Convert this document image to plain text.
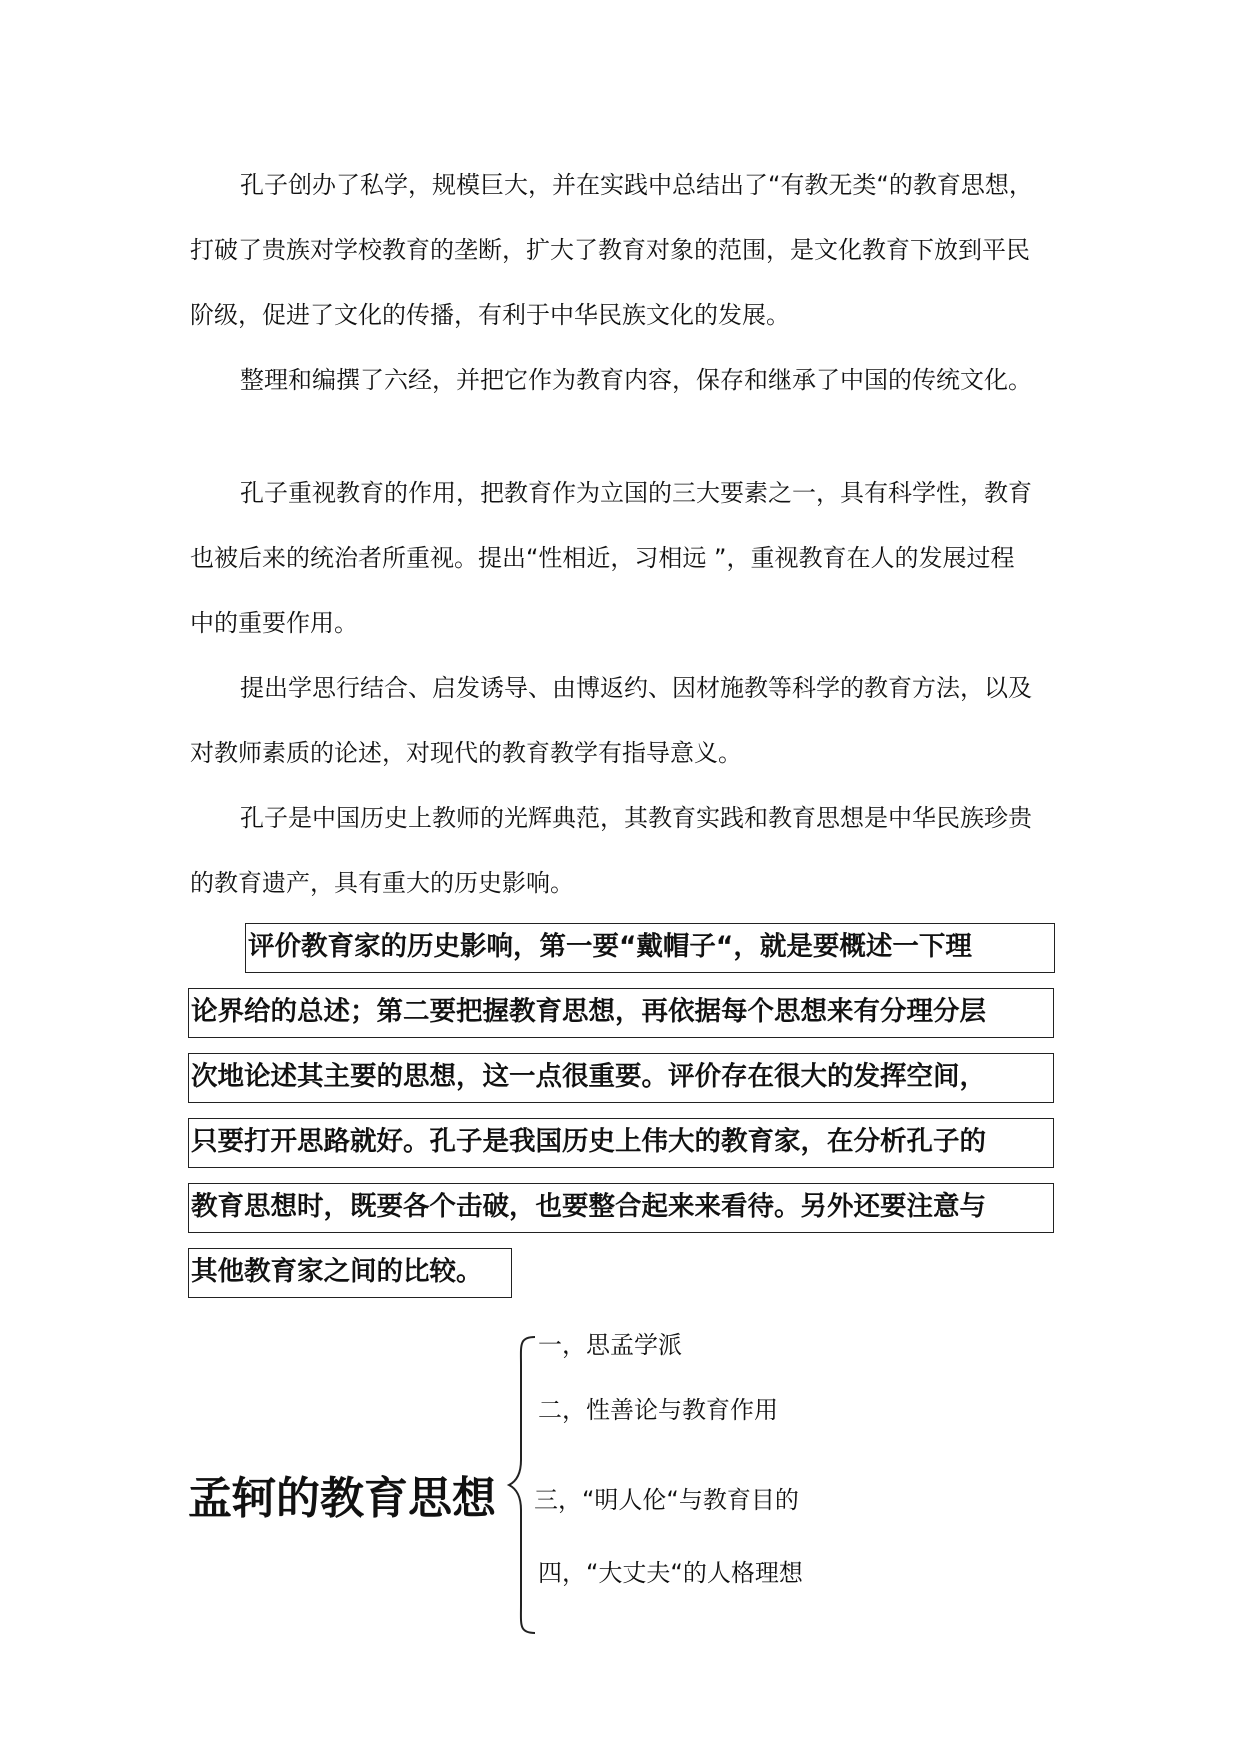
孔子创办了私学，规模巨大，并在实践中总结出了“有教无类“的教育思想，
打破了贵族对学校教育的垄断，扩大了教育对象的范围，是文化教育下放到平民
阶级，促进了文化的传播，有利于中华民族文化的发展。
整理和编撰了六经，并把它作为教育内容，保存和继承了中国的传统文化。
孔子重视教育的作用，把教育作为立国的三大要素之一，具有科学性，教育
也被后来的统治者所重视。提出“性相近，习相远 ”，重视教育在人的发展过程
中的重要作用。
提出学思行结合、启发诱导、由博返约、因材施教等科学的教育方法，以及
对教师素质的论述，对现代的教育教学有指导意义。
孔子是中国历史上教师的光辉典范，其教育实践和教育思想是中华民族珍贵
的教育遗产，具有重大的历史影响。
评价教育家的历史影响，第一要“戴帽子“，就是要概述一下理
论界给的总述；第二要把握教育思想，再依据每个思想来有分理分层
次地论述其主要的思想，这一点很重要。评价存在很大的发挥空间，
只要打开思路就好。孔子是我国历史上伟大的教育家，在分析孔子的
教育思想时，既要各个击破，也要整合起来来看待。另外还要注意与
其他教育家之间的比较。
孟轲的教育思想
一，思孟学派
二，性善论与教育作用
三，“明人伦“与教育目的
四，“大丈夫“的人格理想
